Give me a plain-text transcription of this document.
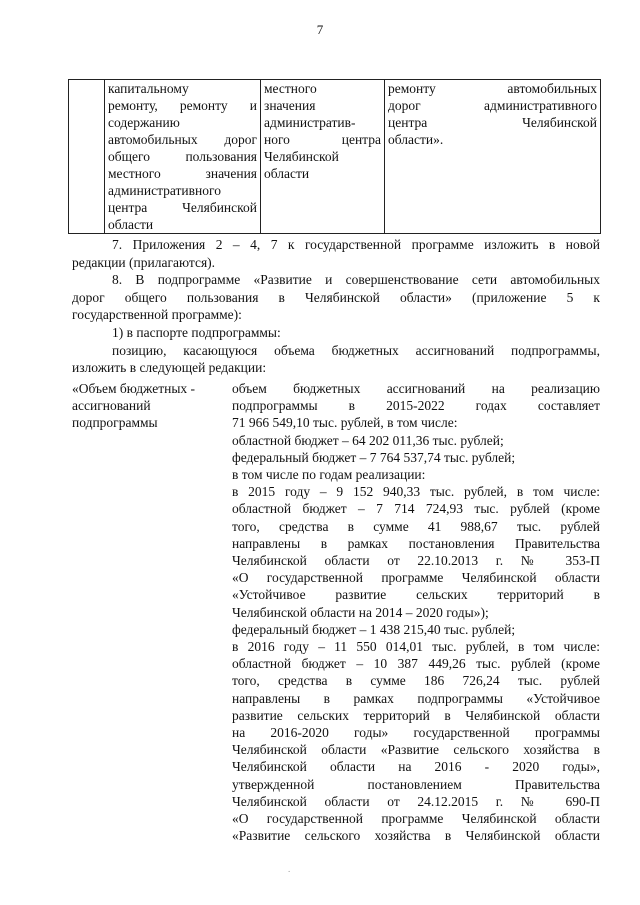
7

капитальному
ремонту, ремонту и
содержанию
автомобильных дорог
общего пользования
местного значения
административного
центра Челябинской
области

местного
значения
административ-
ного центра
Челябинской
области

ремонту автомобильных
дорог административного
центра Челябинской
области».
7. Приложения 2 – 4, 7 к государственной программе изложить в новой
редакции (прилагаются).
8. В подпрограмме «Развитие и совершенствование сети автомобильных
дорог общего пользования в Челябинской области» (приложение 5 к
государственной программе):
1) в паспорте подпрограммы:
позицию, касающуюся объема бюджетных ассигнований подпрограммы,
изложить в следующей редакции:
«Объем бюджетных -
ассигнований
подпрограммы
объем бюджетных ассигнований на реализацию
подпрограммы в 2015-2022 годах составляет
71 966 549,10 тыс. рублей, в том числе:
областной бюджет – 64 202 011,36 тыс. рублей;
федеральный бюджет – 7 764 537,74 тыс. рублей;
в том числе по годам реализации:
в 2015 году – 9 152 940,33 тыс. рублей, в том числе:
областной бюджет – 7 714 724,93 тыс. рублей (кроме
того, средства в сумме 41 988,67 тыс. рублей
направлены в рамках постановления Правительства
Челябинской области от 22.10.2013 г. № 353-П
«О государственной программе Челябинской области
«Устойчивое развитие сельских территорий в
Челябинской области на 2014 – 2020 годы»);
федеральный бюджет – 1 438 215,40 тыс. рублей;
в 2016 году – 11 550 014,01 тыс. рублей, в том числе:
областной бюджет – 10 387 449,26 тыс. рублей (кроме
того, средства в сумме 186 726,24 тыс. рублей
направлены в рамках подпрограммы «Устойчивое
развитие сельских территорий в Челябинской области
на 2016-2020 годы» государственной программы
Челябинской области «Развитие сельского хозяйства в
Челябинской области на 2016 - 2020 годы»,
утвержденной постановлением Правительства
Челябинской области от 24.12.2015 г. № 690-П
«О государственной программе Челябинской области
«Развитие сельского хозяйства в Челябинской области
.
